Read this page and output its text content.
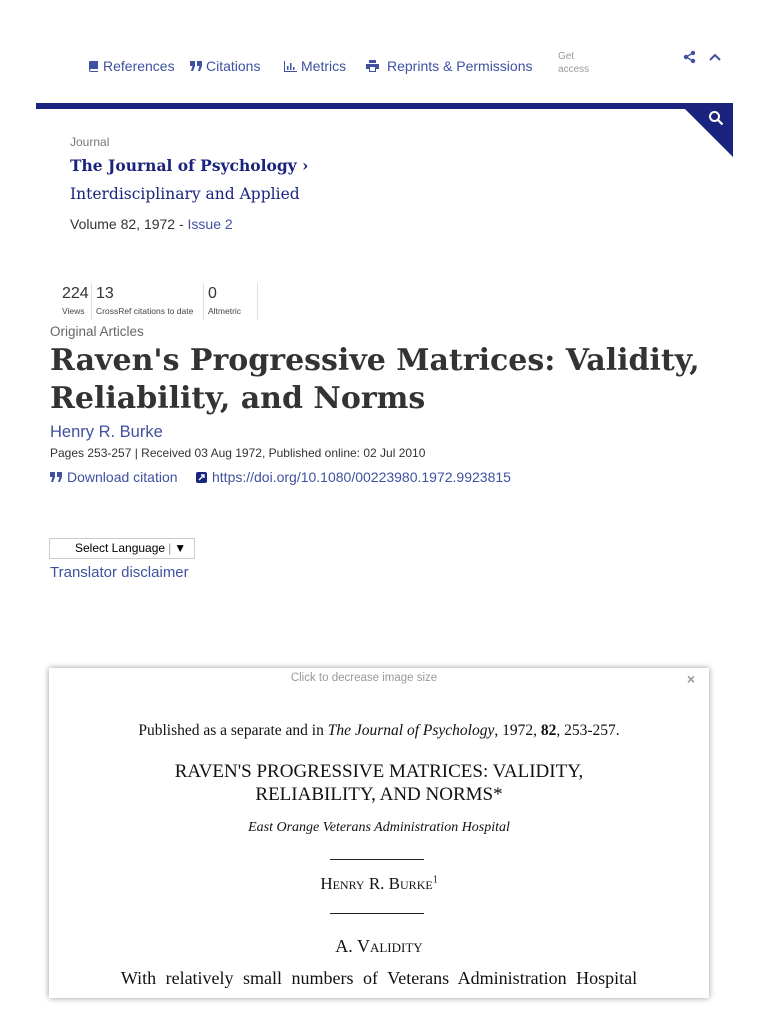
References Citations	Metrics	Reprints & Permissions
Get
access
Journal
The Journal of Psychology ›
Interdisciplinary and Applied
Volume 82, 1972 - Issue 2
224
Views
13
CrossRef citations to date
0
Altmetric
Original Articles
Raven's Progressive Matrices: Validity, Reliability, and Norms
Henry R. Burke
Pages 253-257 | Received 03 Aug 1972, Published online: 02 Jul 2010
Download citation https://doi.org/10.1080/00223980.1972.9923815
Select Language | ▼
Translator disclaimer
Click to decrease image size	×
Published as a separate and in The Journal of Psychology, 1972, 82, 253-257.
RAVEN'S PROGRESSIVE MATRICES: VALIDITY,
RELIABILITY, AND NORMS*
East Orange Veterans Administration Hospital
Henry R. Burke$^1$
A. Validity
With relatively small numbers of Veterans Administration Hospital
